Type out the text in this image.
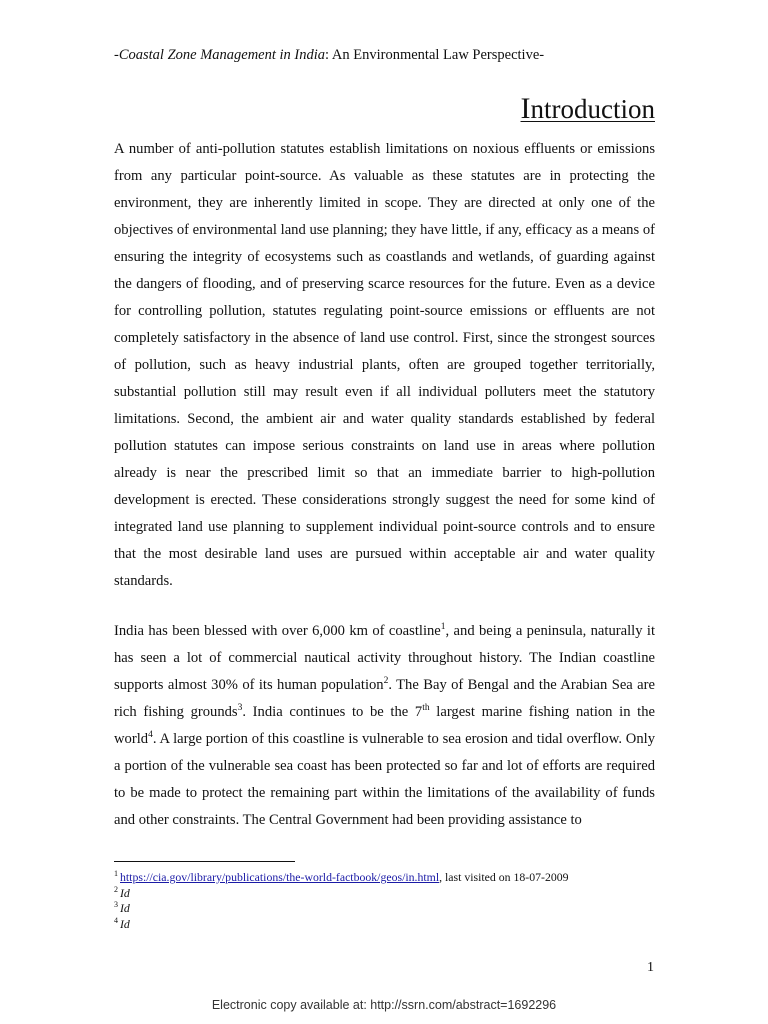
-Coastal Zone Management in India: An Environmental Law Perspective-
Introduction

A number of anti-pollution statutes establish limitations on noxious effluents or emissions from any particular point-source. As valuable as these statutes are in protecting the environment, they are inherently limited in scope. They are directed at only one of the objectives of environmental land use planning; they have little, if any, efficacy as a means of ensuring the integrity of ecosystems such as coastlands and wetlands, of guarding against the dangers of flooding, and of preserving scarce resources for the future. Even as a device for controlling pollution, statutes regulating point-source emissions or effluents are not completely satisfactory in the absence of land use control. First, since the strongest sources of pollution, such as heavy industrial plants, often are grouped together territorially, substantial pollution still may result even if all individual polluters meet the statutory limitations. Second, the ambient air and water quality standards established by federal pollution statutes can impose serious constraints on land use in areas where pollution already is near the prescribed limit so that an immediate barrier to high-pollution development is erected. These considerations strongly suggest the need for some kind of integrated land use planning to supplement individual point-source controls and to ensure that the most desirable land uses are pursued within acceptable air and water quality standards.

India has been blessed with over 6,000 km of coastline$^1$, and being a peninsula, naturally it has seen a lot of commercial nautical activity throughout history. The Indian coastline supports almost 30% of its human population$^2$. The Bay of Bengal and the Arabian Sea are rich fishing grounds$^3$. India continues to be the 7th largest marine fishing nation in the world$^4$. A large portion of this coastline is vulnerable to sea erosion and tidal overflow. Only a portion of the vulnerable sea coast has been protected so far and lot of efforts are required to be made to protect the remaining part within the limitations of the availability of funds and other constraints. The Central Government had been providing assistance to

$^1$ https://cia.gov/library/publications/the-world-factbook/geos/in.html, last visited on 18-07-2009
$^2$ Id
$^3$ Id
$^4$ Id
1
Electronic copy available at: http://ssrn.com/abstract=1692296
